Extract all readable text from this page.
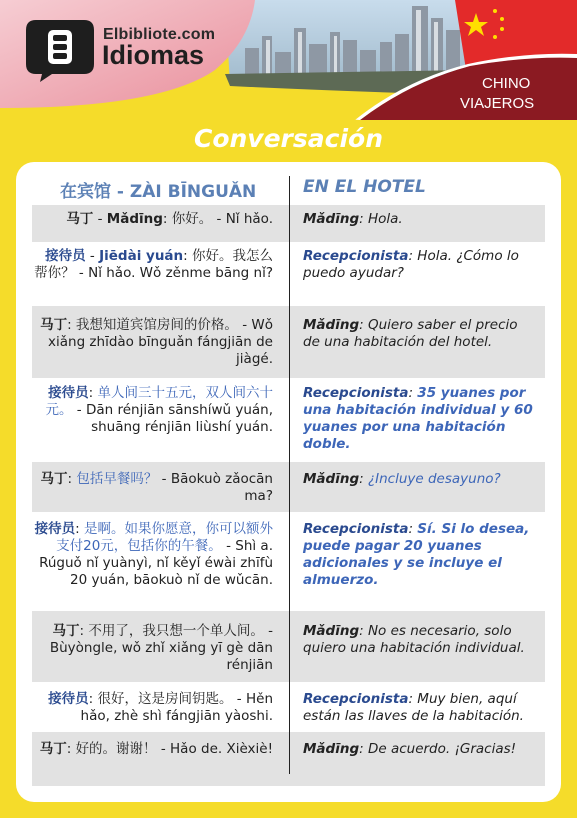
Elbibliote.com
Idiomas
CHINO
VIAJEROS
Conversación
在宾馆 - ZÀI BĪNGUǍN	EN EL HOTEL
马丁 - Mǎdīng: 你好。 - Nǐ hǎo. Mǎdīng: Hola.
接待员 - Jiēdài yuán: 你好。我怎么帮你？ - Nǐ hǎo. Wǒ zěnme bāng nǐ?
Recepcionista: Hola. ¿Cómo lo puedo ayudar?
马丁: 我想知道宾馆房间的价格。 - Wǒ xiǎng zhīdào bīnguǎn fángjiān de jiàgé.
Mǎdīng: Quiero saber el precio de una habitación del hotel.
接待员: 单人间三十五元，双人间六十元。 - Dān rénjiān sānshíwǔ yuán, shuāng rénjiān liùshí yuán.
Recepcionista: 35 yuanes por una habitación individual y 60 yuanes por una habitación doble.
马丁: 包括早餐吗？ - Bāokuò zǎocān ma?
Mǎdīng: ¿Incluye desayuno?
接待员: 是啊。如果你愿意，你可以额外支付20元，包括你的午餐。 - Shì a. Rúguǒ nǐ yuànyì, nǐ kěyǐ éwài zhīfù 20 yuán, bāokuò nǐ de wǔcān.
Recepcionista: Sí. Si lo desea, puede pagar 20 yuanes adicionales y se incluye el almuerzo.
马丁: 不用了，我只想一个单人间。 - Bùyòngle, wǒ zhǐ xiǎng yī gè dān rénjiān
Mǎdīng: No es necesario, solo quiero una habitación individual.
接待员: 很好，这是房间钥匙。 - Hěn hǎo, zhè shì fángjiān yàoshi.
Recepcionista: Muy bien, aquí están las llaves de la habitación.
马丁: 好的。谢谢！ - Hǎo de. Xièxiè! Mǎdīng: De acuerdo. ¡Gracias!
